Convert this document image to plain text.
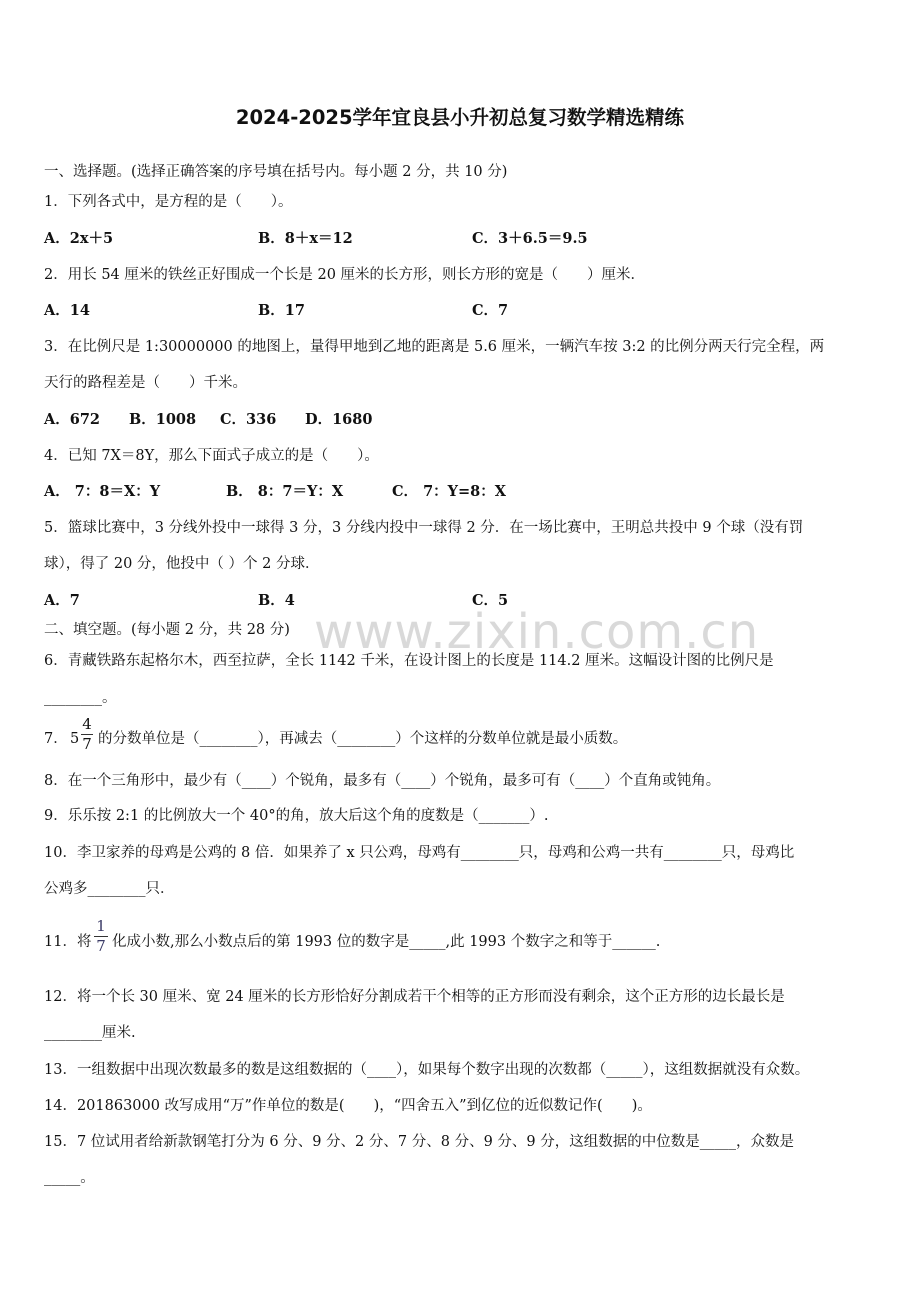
www.zixin.com.cn
2024-2025学年宜良县小升初总复习数学精选精练
一、选择题。(选择正确答案的序号填在括号内。每小题 2 分，共 10 分)
1．下列各式中，是方程的是（　　）。
A．2x＋5	B．8＋x＝12	C．3＋6.5＝9.5
2．用长 54 厘米的铁丝正好围成一个长是 20 厘米的长方形，则长方形的宽是（　　）厘米．
A．14	B．17	C．7
3．在比例尺是 1:30000000 的地图上，量得甲地到乙地的距离是 5.6 厘米，一辆汽车按 3:2 的比例分两天行完全程，两
天行的路程差是（　　）千米。
A．672 B．1008 C．336 D．1680
4．已知 7X＝8Y，那么下面式子成立的是（　　）。
A． 7：8＝X：Y	B． 8：7＝Y：X	C． 7：Y=8：X
5．篮球比赛中，3 分线外投中一球得 3 分，3 分线内投中一球得 2 分．在一场比赛中，王明总共投中 9 个球（没有罚
球），得了 20 分，他投中（ ）个 2 分球．
A．7	B．4	C．5
二、填空题。(每小题 2 分，共 28 分)
6．青藏铁路东起格尔木，西至拉萨，全长 1142 千米，在设计图上的长度是 114.2 厘米。这幅设计图的比例尺是
________。
7． 5
4
7 的分数单位是（________），再减去（________）个这样的分数单位就是最小质数。
8．在一个三角形中，最少有（____）个锐角，最多有（____）个锐角，最多可有（____）个直角或钝角。
9．乐乐按 2:1 的比例放大一个 40°的角，放大后这个角的度数是（_______）.
10．李卫家养的母鸡是公鸡的 8 倍．如果养了 x 只公鸡，母鸡有________只，母鸡和公鸡一共有________只，母鸡比
公鸡多________只．
11．将
1
7 化成小数,那么小数点后的第 1993 位的数字是_____,此 1993 个数字之和等于______.
12．将一个长 30 厘米、宽 24 厘米的长方形恰好分割成若干个相等的正方形而没有剩余，这个正方形的边长最长是
________厘米.
13．一组数据中出现次数最多的数是这组数据的（____），如果每个数字出现的次数都（_____），这组数据就没有众数。
14．201863000 改写成用“万”作单位的数是(　　)，“四舍五入”到亿位的近似数记作(　　)。
15．7 位试用者给新款钢笔打分为 6 分、9 分、2 分、7 分、8 分、9 分、9 分，这组数据的中位数是_____，众数是
_____。
